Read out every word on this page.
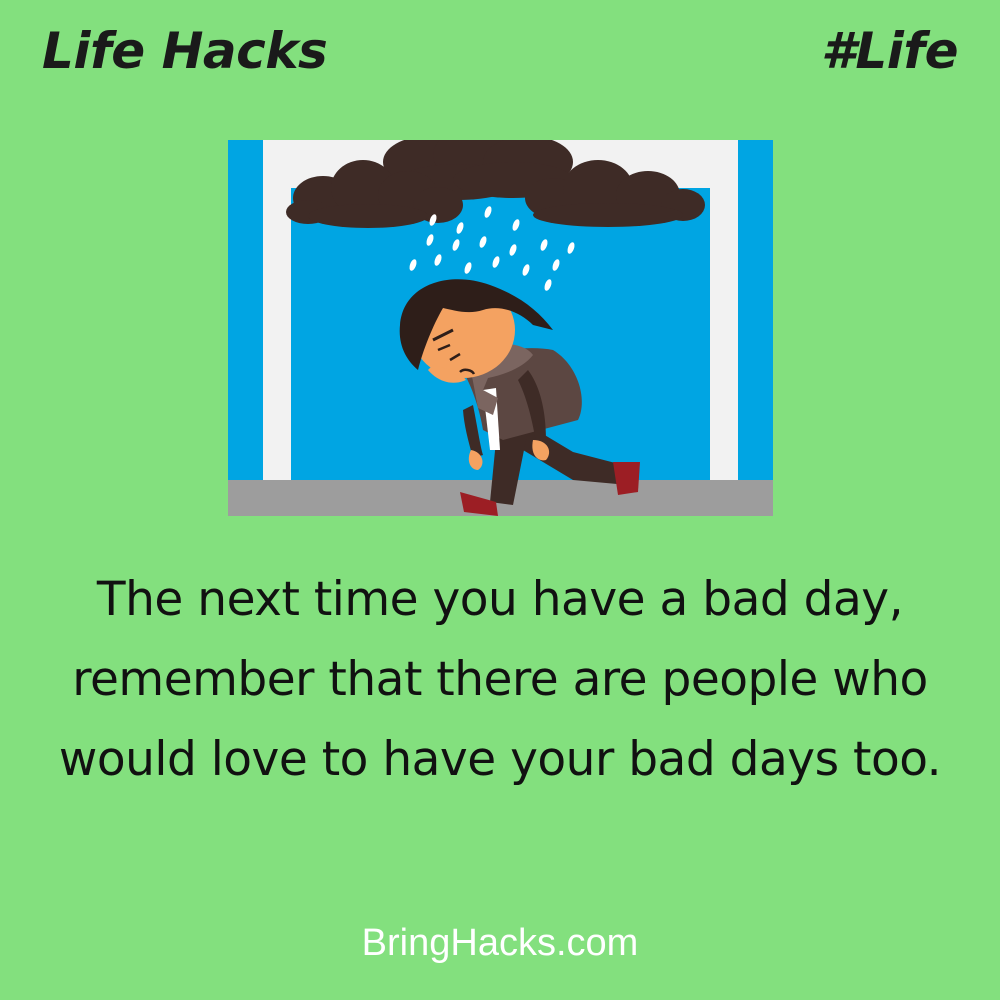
Life Hacks	#Life
The next time you have a bad day, remember that there are people who would love to have your bad days too.
BringHacks.com
